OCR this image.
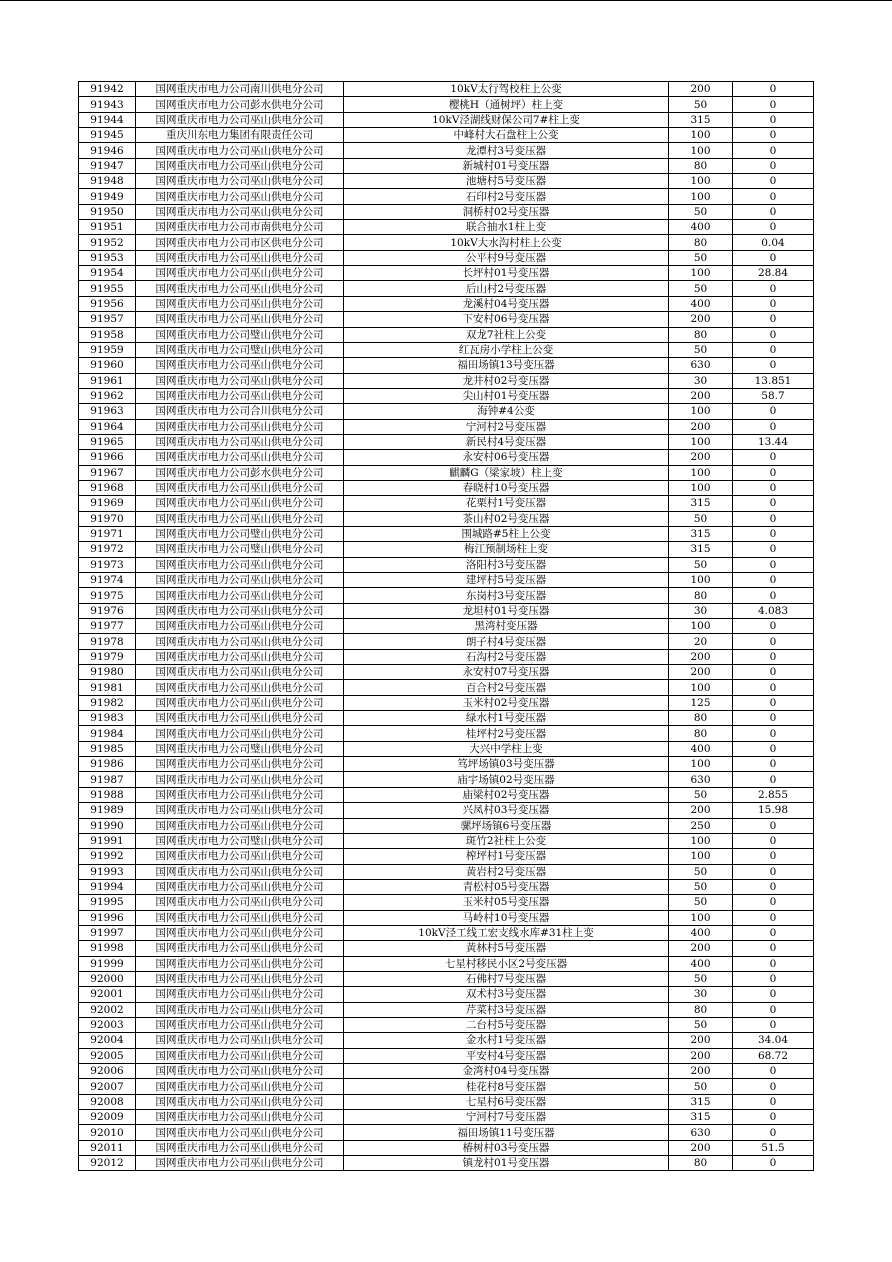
91942	国网重庆市电力公司南川供电分公司	10kV太行驾校柱上公变	200	0
91943	国网重庆市电力公司彭水供电分公司	樱桃H（通树坪）柱上变	50	0
91944	国网重庆市电力公司巫山供电分公司	10kV泾湖线财保公司7#柱上变	315	0
91945	重庆川东电力集团有限责任公司	中峰村大石盘柱上公变	100	0
91946	国网重庆市电力公司巫山供电分公司	龙潭村3号变压器	100	0
91947	国网重庆市电力公司巫山供电分公司	新城村01号变压器	80	0
91948	国网重庆市电力公司巫山供电分公司	池塘村5号变压器	100	0
91949	国网重庆市电力公司巫山供电分公司	石印村2号变压器	100	0
91950	国网重庆市电力公司巫山供电分公司	洞桥村02号变压器	50	0
91951	国网重庆市电力公司市南供电分公司	联合抽水1柱上变	400	0
91952	国网重庆市电力公司市区供电分公司	10kV大水沟村柱上公变	80	0.04
91953	国网重庆市电力公司巫山供电分公司	公平村9号变压器	50	0
91954	国网重庆市电力公司巫山供电分公司	长坪村01号变压器	100	28.84
91955	国网重庆市电力公司巫山供电分公司	后山村2号变压器	50	0
91956	国网重庆市电力公司巫山供电分公司	龙溪村04号变压器	400	0
91957	国网重庆市电力公司巫山供电分公司	下安村06号变压器	200	0
91958	国网重庆市电力公司璧山供电分公司	双龙7社柱上公变	80	0
91959	国网重庆市电力公司璧山供电分公司	红瓦房小学柱上公变	50	0
91960	国网重庆市电力公司巫山供电分公司	福田场镇13号变压器	630	0
91961	国网重庆市电力公司巫山供电分公司	龙井村02号变压器	30	13.851
91962	国网重庆市电力公司巫山供电分公司	尖山村01号变压器	200	58.7
91963	国网重庆市电力公司合川供电分公司	海钟#4公变	100	0
91964	国网重庆市电力公司巫山供电分公司	宁河村2号变压器	200	0
91965	国网重庆市电力公司巫山供电分公司	新民村4号变压器	100	13.44
91966	国网重庆市电力公司巫山供电分公司	永安村06号变压器	200	0
91967	国网重庆市电力公司彭水供电分公司	麒麟G（梁家坡）柱上变	100	0
91968	国网重庆市电力公司巫山供电分公司	春晓村10号变压器	100	0
91969	国网重庆市电力公司巫山供电分公司	花栗村1号变压器	315	0
91970	国网重庆市电力公司巫山供电分公司	茶山村02号变压器	50	0
91971	国网重庆市电力公司璧山供电分公司	围城路#5柱上公变	315	0
91972	国网重庆市电力公司璧山供电分公司	梅江预制场柱上变	315	0
91973	国网重庆市电力公司巫山供电分公司	洛阳村3号变压器	50	0
91974	国网重庆市电力公司巫山供电分公司	建坪村5号变压器	100	0
91975	国网重庆市电力公司巫山供电分公司	东岗村3号变压器	80	0
91976	国网重庆市电力公司巫山供电分公司	龙坦村01号变压器	30	4.083
91977	国网重庆市电力公司巫山供电分公司	黑湾村变压器	100	0
91978	国网重庆市电力公司巫山供电分公司	朗子村4号变压器	20	0
91979	国网重庆市电力公司巫山供电分公司	石沟村2号变压器	200	0
91980	国网重庆市电力公司巫山供电分公司	永安村07号变压器	200	0
91981	国网重庆市电力公司巫山供电分公司	百合村2号变压器	100	0
91982	国网重庆市电力公司巫山供电分公司	玉米村02号变压器	125	0
91983	国网重庆市电力公司巫山供电分公司	绿水村1号变压器	80	0
91984	国网重庆市电力公司巫山供电分公司	桂坪村2号变压器	80	0
91985	国网重庆市电力公司璧山供电分公司	大兴中学柱上变	400	0
91986	国网重庆市电力公司巫山供电分公司	笃坪场镇03号变压器	100	0
91987	国网重庆市电力公司巫山供电分公司	庙宇场镇02号变压器	630	0
91988	国网重庆市电力公司巫山供电分公司	庙梁村02号变压器	50	2.855
91989	国网重庆市电力公司巫山供电分公司	兴凤村03号变压器	200	15.98
91990	国网重庆市电力公司巫山供电分公司	骡坪场镇6号变压器	250	0
91991	国网重庆市电力公司璧山供电分公司	斑竹2社柱上公变	100	0
91992	国网重庆市电力公司巫山供电分公司	榨坪村1号变压器	100	0
91993	国网重庆市电力公司巫山供电分公司	黄岩村2号变压器	50	0
91994	国网重庆市电力公司巫山供电分公司	青松村05号变压器	50	0
91995	国网重庆市电力公司巫山供电分公司	玉米村05号变压器	50	0
91996	国网重庆市电力公司巫山供电分公司	马岭村10号变压器	100	0
91997	国网重庆市电力公司巫山供电分公司	10kV泾工线工宏支线水库#31柱上变	400	0
91998	国网重庆市电力公司巫山供电分公司	黄林村5号变压器	200	0
91999	国网重庆市电力公司巫山供电分公司	七星村移民小区2号变压器	400	0
92000	国网重庆市电力公司巫山供电分公司	石佛村7号变压器	50	0
92001	国网重庆市电力公司巫山供电分公司	双术村3号变压器	30	0
92002	国网重庆市电力公司巫山供电分公司	芹菜村3号变压器	80	0
92003	国网重庆市电力公司巫山供电分公司	二台村5号变压器	50	0
92004	国网重庆市电力公司巫山供电分公司	金水村1号变压器	200	34.04
92005	国网重庆市电力公司巫山供电分公司	平安村4号变压器	200	68.72
92006	国网重庆市电力公司巫山供电分公司	金湾村04号变压器	200	0
92007	国网重庆市电力公司巫山供电分公司	桂花村8号变压器	50	0
92008	国网重庆市电力公司巫山供电分公司	七星村6号变压器	315	0
92009	国网重庆市电力公司巫山供电分公司	宁河村7号变压器	315	0
92010	国网重庆市电力公司巫山供电分公司	福田场镇11号变压器	630	0
92011	国网重庆市电力公司巫山供电分公司	椿树村03号变压器	200	51.5
92012	国网重庆市电力公司巫山供电分公司	镇龙村01号变压器	80	0
